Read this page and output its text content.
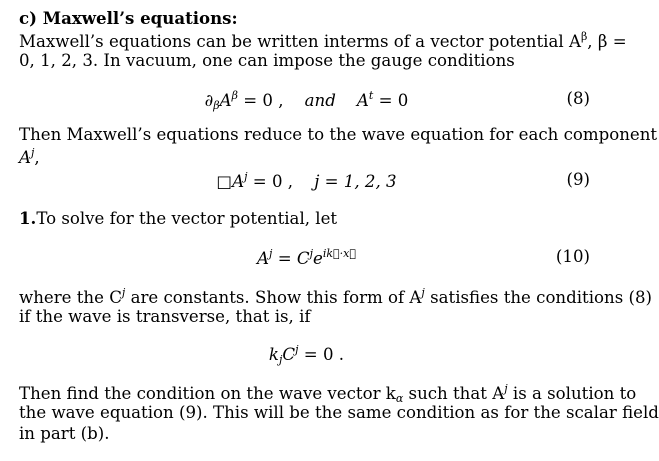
c) Maxwell’s equations:
Maxwell’s equations can be written interms of a vector potential $A^\beta$, β =
0, 1, 2, 3. In vacuum, one can impose the gauge conditions
$\partial_\beta A^\beta = 0$ , and $A^t = 0$	(8)
Then Maxwell’s equations reduce to the wave equation for each component
$A^j$,
$□A^j = 0$ , j = 1, 2, 3	(9)
1.To solve for the vector potential, let
$A^j = C^je^{ik⃗\cdot x⃗}$	(10)
where the $C^j$ are constants. Show this form of $A^j$ satisfies the conditions (8)
if the wave is transverse, that is, if
$k_jC^j = 0$ .
Then find the condition on the wave vector $k_\alpha$ such that $A^j$ is a solution to
the wave equation (9). This will be the same condition as for the scalar field
in part (b).
